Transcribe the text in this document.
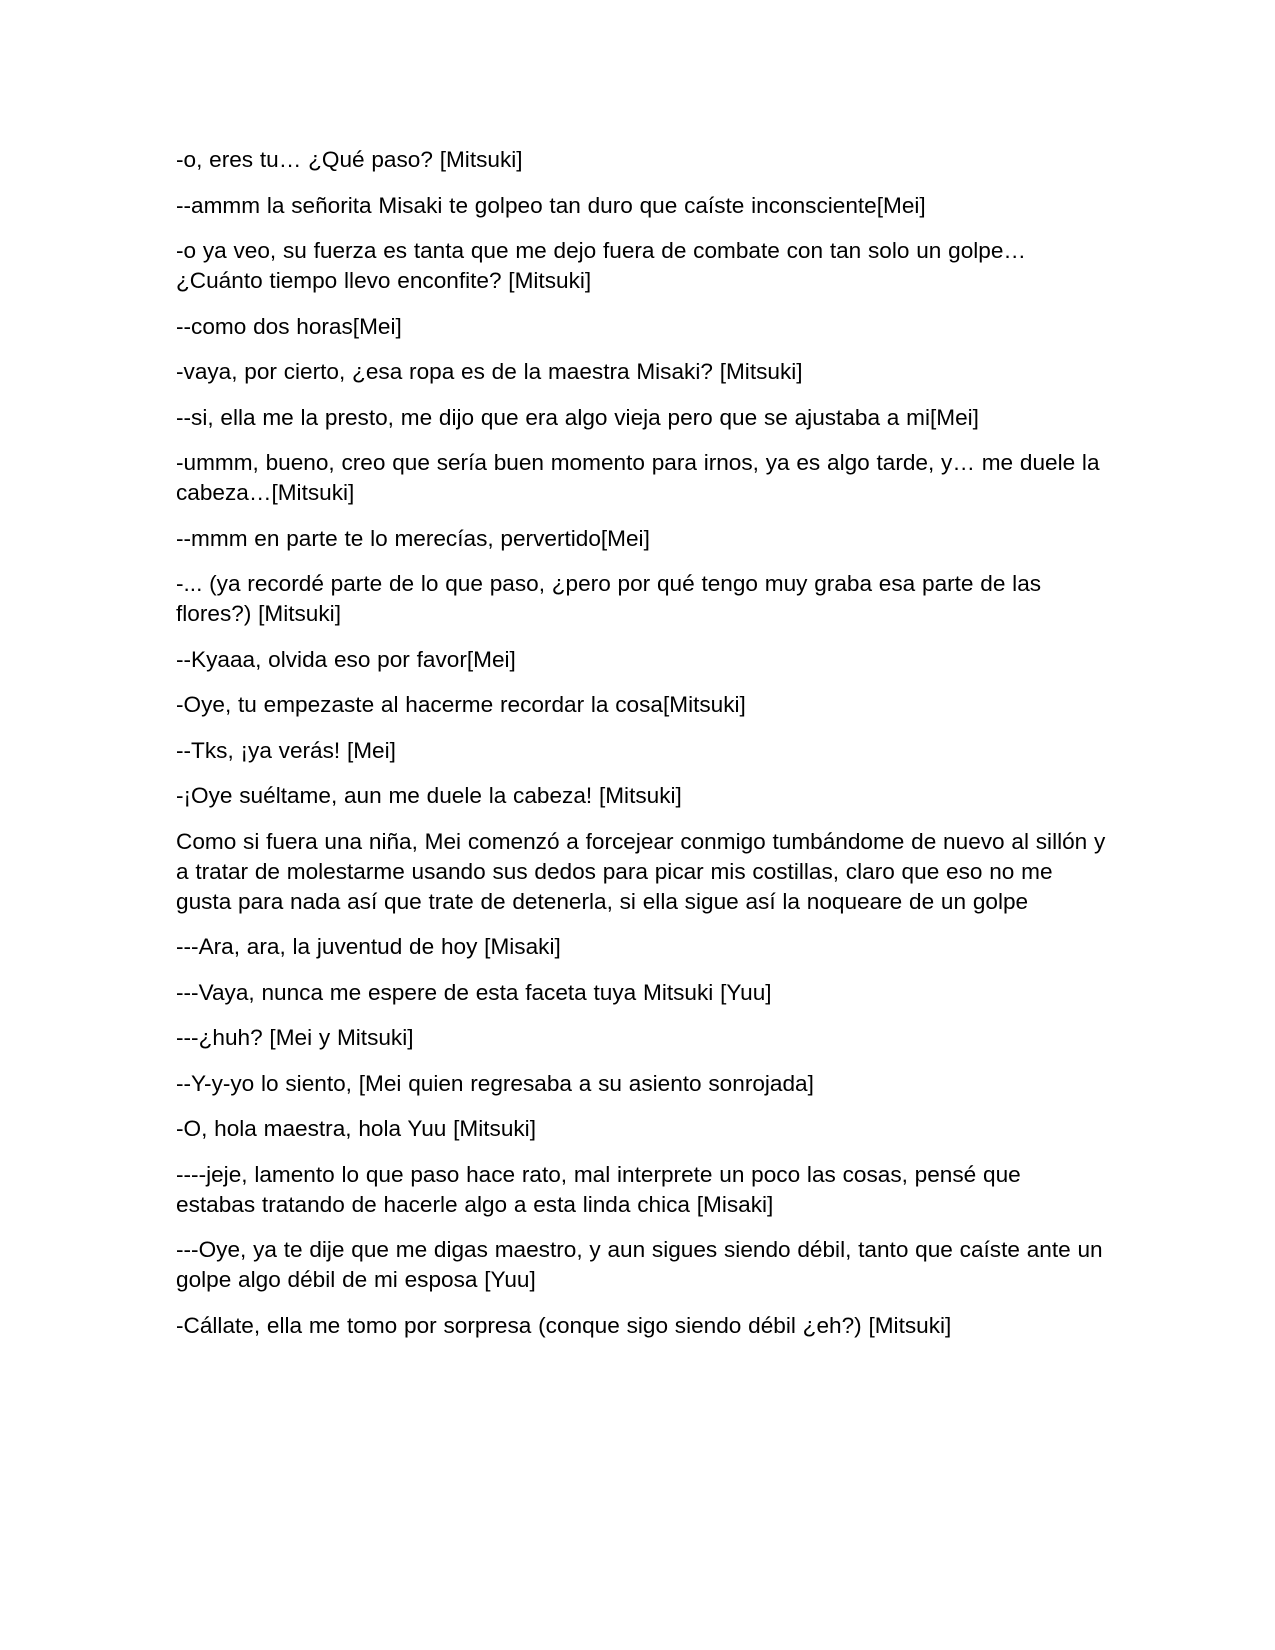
-o, eres tu… ¿Qué paso? [Mitsuki]

--ammm la señorita Misaki te golpeo tan duro que caíste inconsciente[Mei]

-o ya veo, su fuerza es tanta que me dejo fuera de combate con tan solo un golpe… ¿Cuánto tiempo llevo enconfite? [Mitsuki]

--como dos horas[Mei]

-vaya, por cierto, ¿esa ropa es de la maestra Misaki? [Mitsuki]

--si, ella me la presto, me dijo que era algo vieja pero que se ajustaba a mi[Mei]

-ummm, bueno, creo que sería buen momento para irnos, ya es algo tarde, y… me duele la cabeza…[Mitsuki]

--mmm en parte te lo merecías, pervertido[Mei]

-... (ya recordé parte de lo que paso, ¿pero por qué tengo muy graba esa parte de las flores?) [Mitsuki]

--Kyaaa, olvida eso por favor[Mei]

-Oye, tu empezaste al hacerme recordar la cosa[Mitsuki]

--Tks, ¡ya verás! [Mei]

-¡Oye suéltame, aun me duele la cabeza! [Mitsuki]

Como si fuera una niña, Mei comenzó a forcejear conmigo tumbándome de nuevo al sillón y a tratar de molestarme usando sus dedos para picar mis costillas, claro que eso no me gusta para nada así que trate de detenerla, si ella sigue así la noqueare de un golpe

---Ara, ara, la juventud de hoy [Misaki]

---Vaya, nunca me espere de esta faceta tuya Mitsuki [Yuu]

---¿huh? [Mei y Mitsuki]

--Y-y-yo lo siento, [Mei quien regresaba a su asiento sonrojada]

-O, hola maestra, hola Yuu [Mitsuki]

----jeje, lamento lo que paso hace rato, mal interprete un poco las cosas, pensé que estabas tratando de hacerle algo a esta linda chica [Misaki]

---Oye, ya te dije que me digas maestro, y aun sigues siendo débil, tanto que caíste ante un golpe algo débil de mi esposa [Yuu]

-Cállate, ella me tomo por sorpresa (conque sigo siendo débil ¿eh?) [Mitsuki]
